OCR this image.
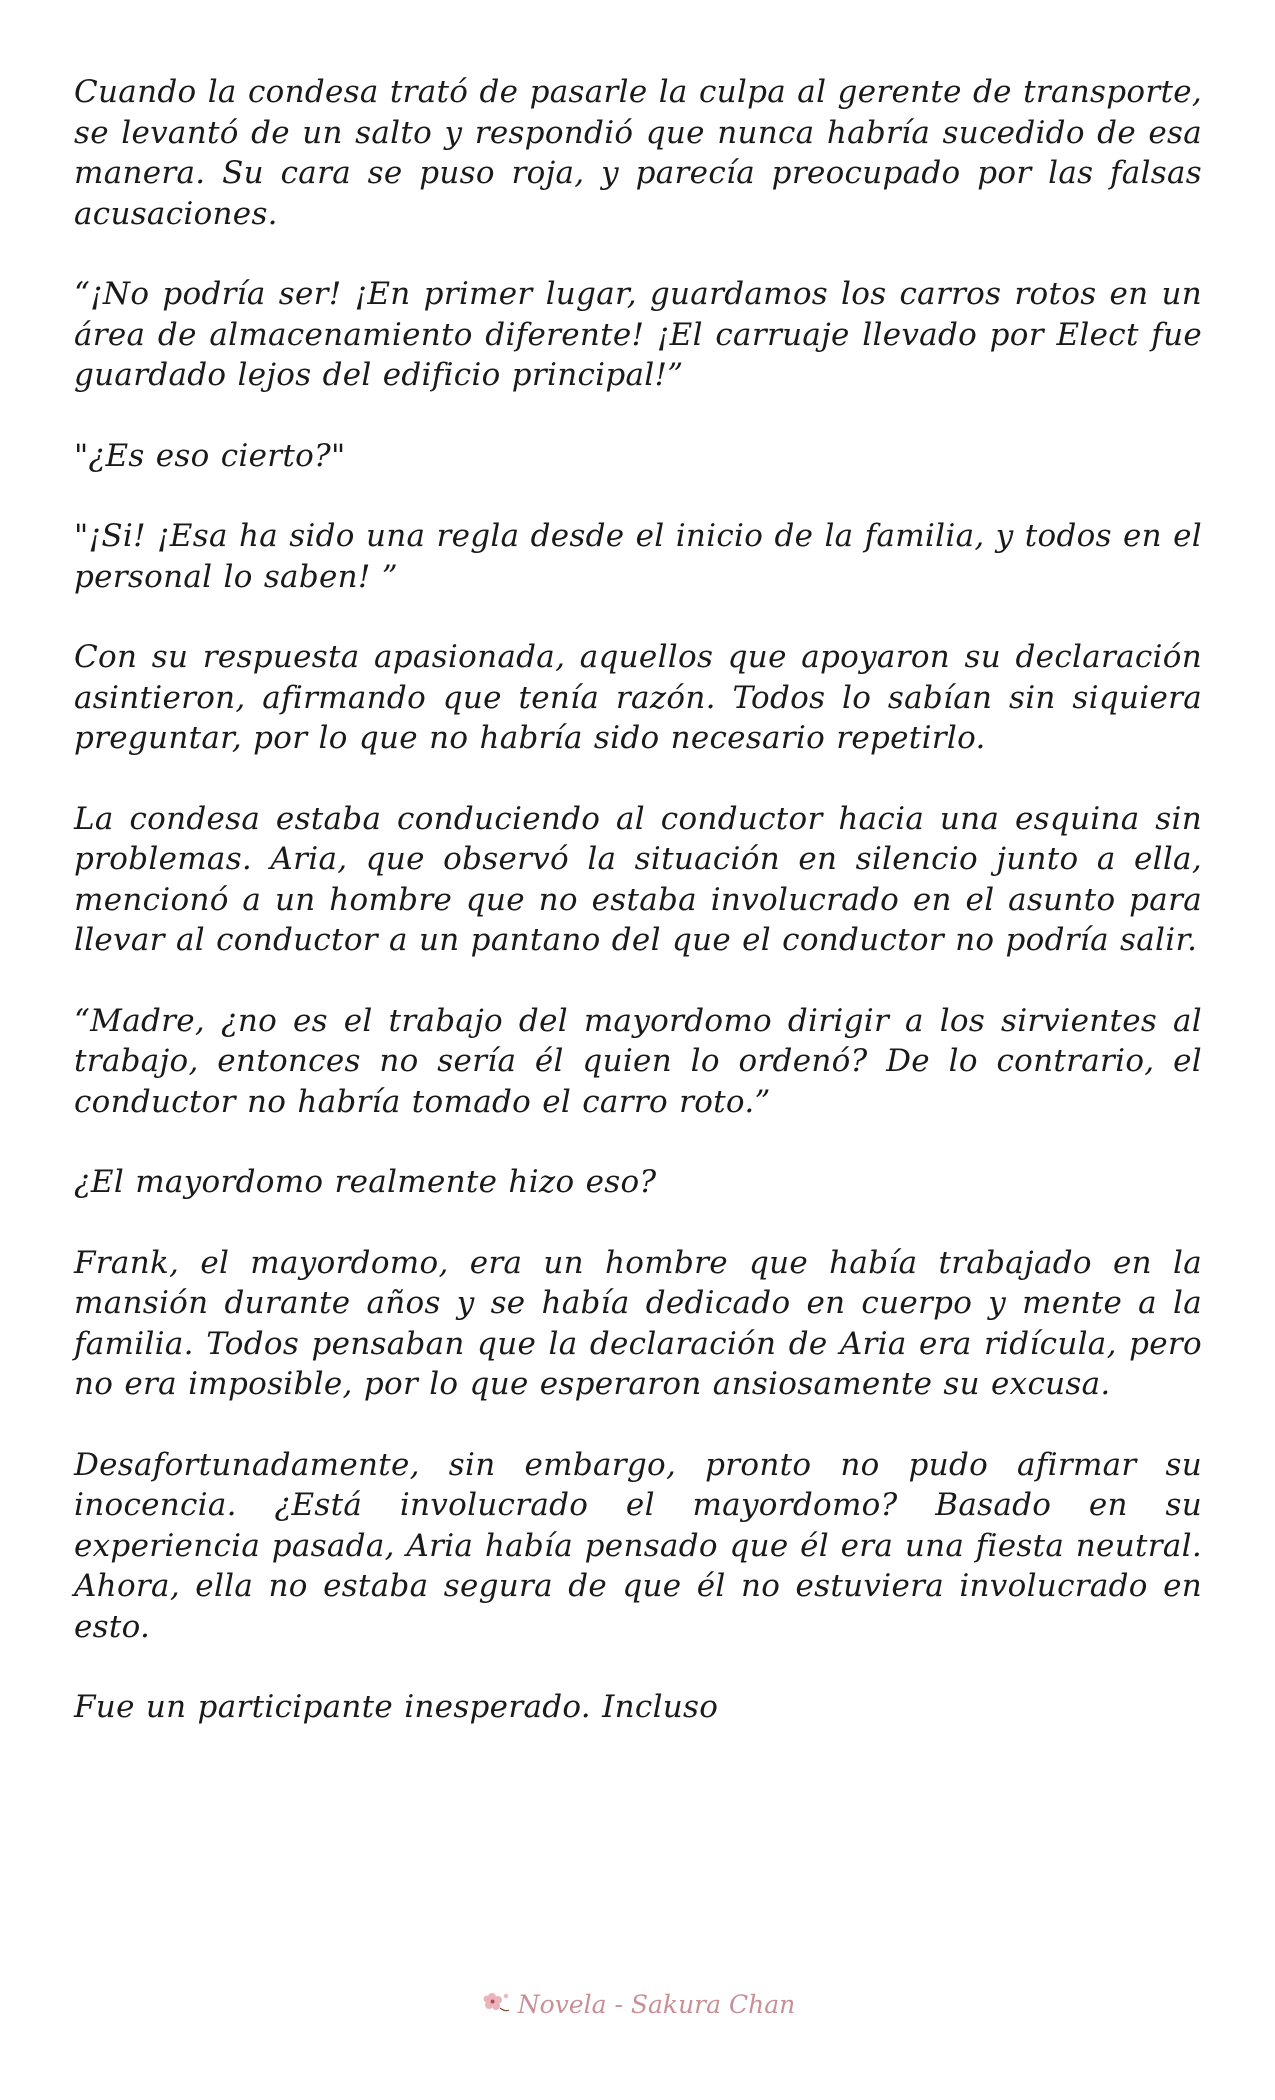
Cuando la condesa trató de pasarle la culpa al gerente de transporte, se levantó de un salto y respondió que nunca habría sucedido de esa manera. Su cara se puso roja, y parecía preocupado por las falsas acusaciones.

“¡No podría ser! ¡En primer lugar, guardamos los carros rotos en un área de almacenamiento diferente! ¡El carruaje llevado por Elect fue guardado lejos del edificio principal!”

"¿Es eso cierto?"

"¡Si! ¡Esa ha sido una regla desde el inicio de la familia, y todos en el personal lo saben! ”

Con su respuesta apasionada, aquellos que apoyaron su declaración asintieron, afirmando que tenía razón. Todos lo sabían sin siquiera preguntar, por lo que no habría sido necesario repetirlo.

La condesa estaba conduciendo al conductor hacia una esquina sin problemas. Aria, que observó la situación en silencio junto a ella, mencionó a un hombre que no estaba involucrado en el asunto para llevar al conductor a un pantano del que el conductor no podría salir.

“Madre, ¿no es el trabajo del mayordomo dirigir a los sirvientes al trabajo, entonces no sería él quien lo ordenó? De lo contrario, el conductor no habría tomado el carro roto.”

¿El mayordomo realmente hizo eso?

Frank, el mayordomo, era un hombre que había trabajado en la mansión durante años y se había dedicado en cuerpo y mente a la familia. Todos pensaban que la declaración de Aria era ridícula, pero no era imposible, por lo que esperaron ansiosamente su excusa.

Desafortunadamente, sin embargo, pronto no pudo afirmar su inocencia. ¿Está involucrado el mayordomo? Basado en su experiencia pasada, Aria había pensado que él era una fiesta neutral. Ahora, ella no estaba segura de que él no estuviera involucrado en esto.

Fue un participante inesperado. Incluso

Novela - Sakura Chan
